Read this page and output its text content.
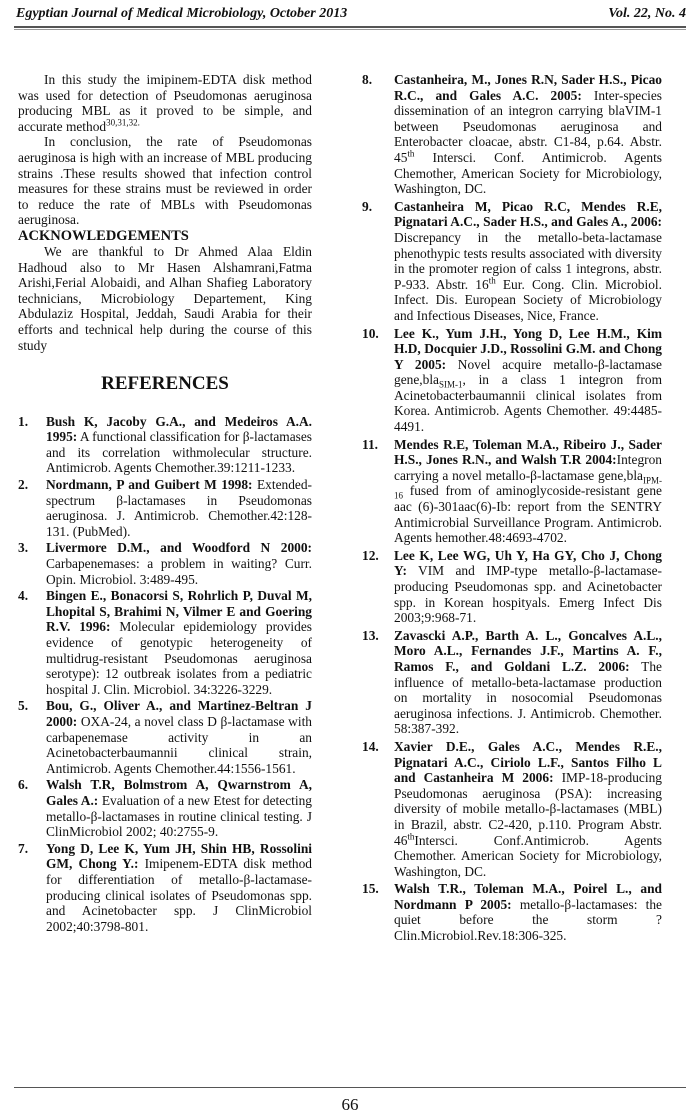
Egyptian Journal of Medical Microbiology, October 2013	Vol. 22, No. 4

In this study the imipinem-EDTA disk method was used for detection of Pseudomonas aeruginosa producing MBL as it proved to be simple, and accurate method$^{30,31,32.}$

In conclusion, the rate of Pseudomonas aeruginosa is high with an increase of MBL producing strains .These results showed that infection control measures for these strains must be reviewed in order to reduce the rate of MBLs with Pseudomonas aeruginosa.

ACKNOWLEDGEMENTS

We are thankful to Dr Ahmed Alaa Eldin Hadhoud also to Mr Hasen Alshamrani,Fatma Arishi,Ferial Alobaidi, and Alhan Shafieg Laboratory technicians, Microbiology Departement, King Abdulaziz Hospital, Jeddah, Saudi Arabia for their efforts and technical help during the course of this study

REFERENCES
1. Bush K, Jacoby G.A., and Medeiros A.A. 1995: A functional classification for β-lactamases and its correlation withmolecular structure. Antimicrob. Agents Chemother.39:1211-1233.
2. Nordmann, P and Guibert M 1998: Extended-spectrum β-lactamases in Pseudomonas aeruginosa. J. Antimicrob. Chemother.42:128-131. (PubMed).
3. Livermore D.M., and Woodford N 2000: Carbapenemases: a problem in waiting? Curr. Opin. Microbiol. 3:489-495.
4. Bingen E., Bonacorsi S, Rohrlich P, Duval M, Lhopital S, Brahimi N, Vilmer E and Goering R.V. 1996: Molecular epidemiology provides evidence of genotypic heterogeneity of multidrug-resistant Pseudomonas aeruginosa serotype): 12 outbreak isolates from a pediatric hospital J. Clin. Microbiol. 34:3226-3229.
5. Bou, G., Oliver A., and Martinez-Beltran J 2000: OXA-24, a novel class D β-lactamase with carbapenemase activity in an Acinetobacterbaumannii clinical strain, Antimicrob. Agents Chemother.44:1556-1561.
6. Walsh T.R, Bolmstrom A, Qwarnstrom A, Gales A.: Evaluation of a new Etest for detecting metallo-β-lactamases in routine clinical testing. J ClinMicrobiol 2002; 40:2755-9.
7. Yong D, Lee K, Yum JH, Shin HB, Rossolini GM, Chong Y.: Imipenem-EDTA disk method for differentiation of metallo-β-lactamase-producing clinical isolates of Pseudomonas spp. and Acinetobacter spp. J ClinMicrobiol 2002;40:3798-801.
8. Castanheira, M., Jones R.N, Sader H.S., Picao R.C., and Gales A.C. 2005: Inter-species dissemination of an integron carrying blaVIM-1 between Pseudomonas aeruginosa and Enterobacter cloacae, abstr. C1-84, p.64. Abstr. 45th Intersci. Conf. Antimicrob. Agents Chemother, American Society for Microbiology, Washington, DC.
9. Castanheira M, Picao R.C, Mendes R.E, Pignatari A.C., Sader H.S., and Gales A., 2006: Discrepancy in the metallo-beta-lactamase phenothypic tests results associated with diversity in the promoter region of calss 1 integrons, abstr. P-933. Abstr. 16th Eur. Cong. Clin. Microbiol. Infect. Dis. European Society of Microbiology and Infectious Diseases, Nice, France.
10. Lee K., Yum J.H., Yong D, Lee H.M., Kim H.D, Docquier J.D., Rossolini G.M. and Chong Y 2005: Novel acquire metallo-β-lactamase gene,bla$_{SIM-1}$, in a class 1 integron from Acinetobacterbaumannii clinical isolates from Korea. Antimicrob. Agents Chemother. 49:4485-4491.
11. Mendes R.E, Toleman M.A., Ribeiro J., Sader H.S., Jones R.N., and Walsh T.R 2004:Integron carrying a novel metallo-β-lactamase gene,bla$_{IPM-16}$ fused from of aminoglycoside-resistant gene aac (6)-301aac(6)-Ib: report from the SENTRY Antimicrobial Surveillance Program. Antimicrob. Agents hemother.48:4693-4702.
12. Lee K, Lee WG, Uh Y, Ha GY, Cho J, Chong Y: VIM and IMP-type metallo-β-lactamase-producing Pseudomonas spp. and Acinetobacter spp. in Korean hospityals. Emerg Infect Dis 2003;9:968-71.
13. Zavascki A.P., Barth A. L., Goncalves A.L., Moro A.L., Fernandes J.F., Martins A. F., Ramos F., and Goldani L.Z. 2006: The influence of metallo-beta-lactamase production on mortality in nosocomial Pseudomonas aeruginosa infections. J. Antimicrob. Chemother. 58:387-392.
14. Xavier D.E., Gales A.C., Mendes R.E., Pignatari A.C., Ciriolo L.F., Santos Filho L and Castanheira M 2006: IMP-18-producing Pseudomonas aeruginosa (PSA): increasing diversity of mobile metallo-β-lactamases (MBL) in Brazil, abstr. C2-420, p.110. Program Abstr. 46thIntersci. Conf.Antimicrob. Agents Chemother. American Society for Microbiology, Washington, DC.
15. Walsh T.R., Toleman M.A., Poirel L., and Nordmann P 2005: metallo-β-lactamases: the quiet before the storm ? Clin.Microbiol.Rev.18:306-325.
66
